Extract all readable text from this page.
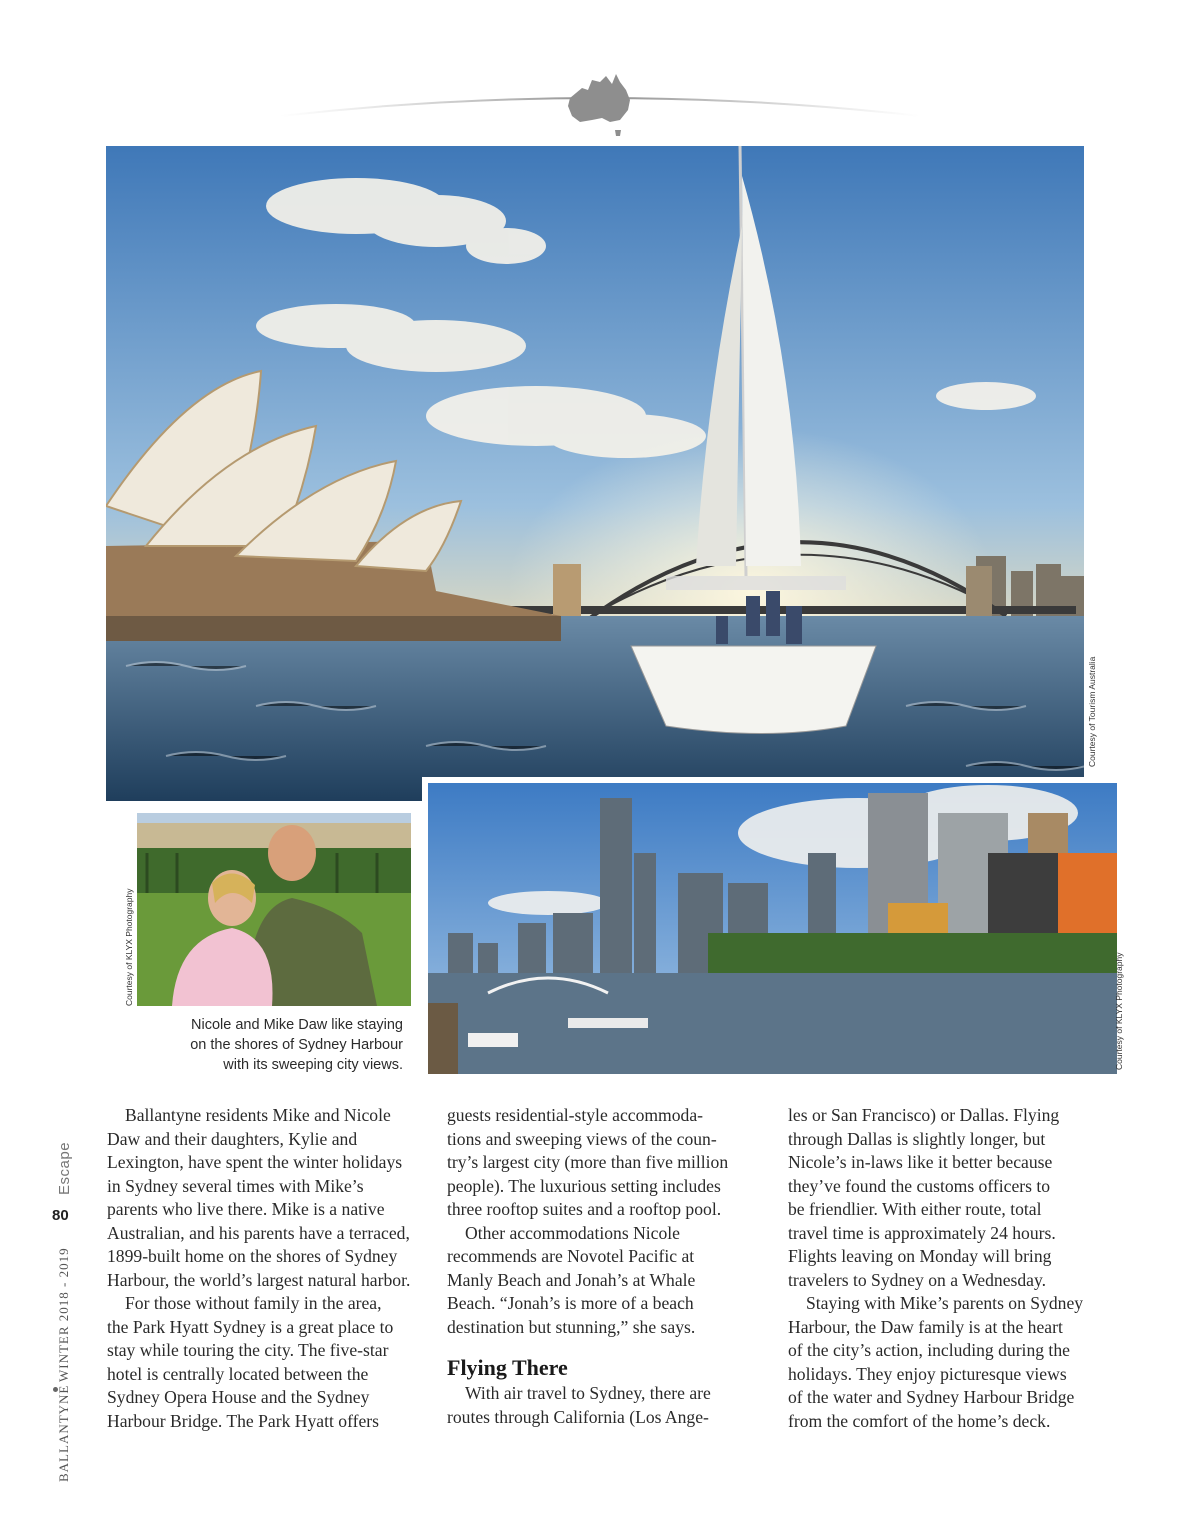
Courtesy of Tourism Australia
Courtesy of KLYX Photography
Nicole and Mike Daw like staying
on the shores of Sydney Harbour
with its sweeping city views.	Courtesy of KLYX Photography
Escape
80
WINTER 2018 - 2019
BALLANTYNE

Ballantyne residents Mike and Nicole

Daw and their daughters, Kylie and
Lexington, have spent the winter holidays
in Sydney several times with Mike’s
parents who live there. Mike is a native
Australian, and his parents have a terraced,
1899-built home on the shores of Sydney
Harbour, the world’s largest natural harbor.

For those without family in the area,

the Park Hyatt Sydney is a great place to
stay while touring the city. The five-star
hotel is centrally located between the
Sydney Opera House and the Sydney
Harbour Bridge. The Park Hyatt offers

guests residential-style accommoda-
tions and sweeping views of the coun-
try’s largest city (more than five million
people). The luxurious setting includes
three rooftop suites and a rooftop pool.

Other accommodations Nicole

recommends are Novotel Pacific at
Manly Beach and Jonah’s at Whale
Beach. “Jonah’s is more of a beach
destination but stunning,” she says.

Flying There

With air travel to Sydney, there are

routes through California (Los Ange-

les or San Francisco) or Dallas. Flying
through Dallas is slightly longer, but
Nicole’s in-laws like it better because
they’ve found the customs officers to
be friendlier. With either route, total
travel time is approximately 24 hours.
Flights leaving on Monday will bring
travelers to Sydney on a Wednesday.

Staying with Mike’s parents on Sydney

Harbour, the Daw family is at the heart
of the city’s action, including during the
holidays. They enjoy picturesque views
of the water and Sydney Harbour Bridge
from the comfort of the home’s deck.
